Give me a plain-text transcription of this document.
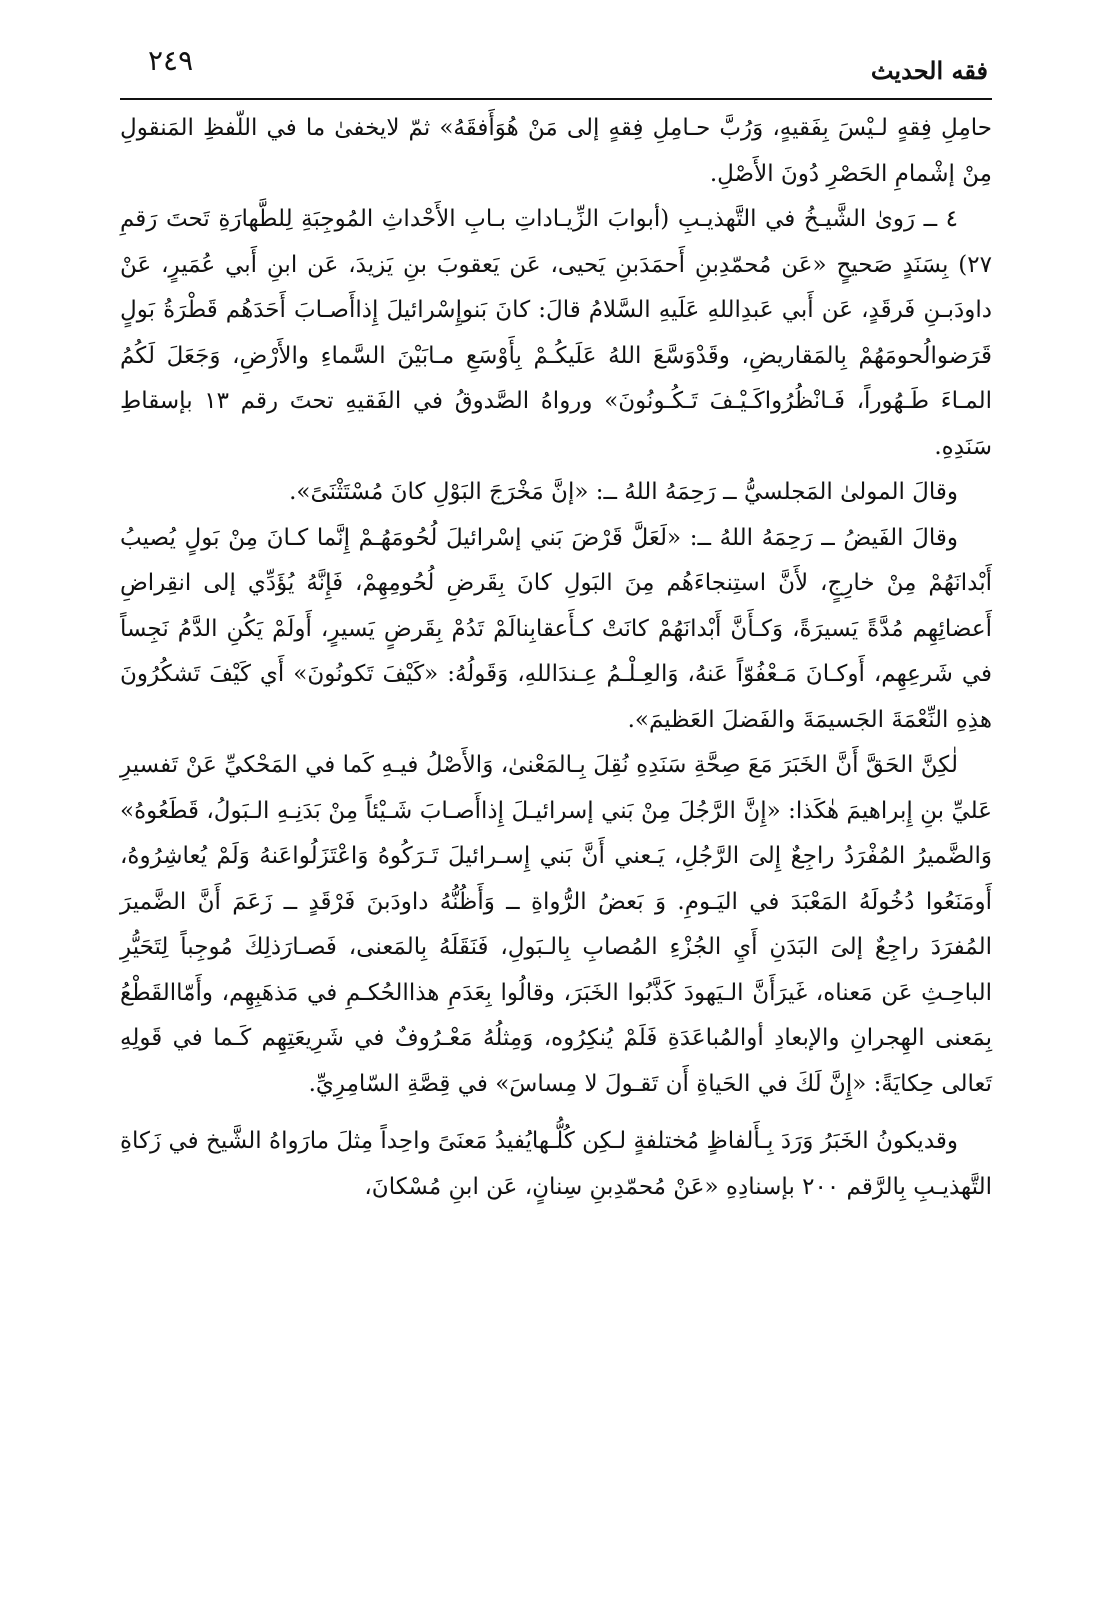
٢٤٩	فقه الحديث

حامِلِ فِقهٍ لـيْسَ بِفَقيهٍ، وَرُبَّ حـامِلِ فِقهٍ إلى مَنْ هُوَأَفقَهُ» ثمّ لايخفىٰ ما في اللّفظِ المَنقولِ مِنْ إشْمامِ الحَصْرِ دُونَ الأَصْلِ.

٤ ــ رَوىٰ الشَّيـخُ في التَّهذيـبِ (أبوابَ الزِّيـاداتِ بـابِ الأَحْداثِ المُوجِبَةِ لِلطَّهارَةِ تَحتَ رَقمِ ٢٧) بِسَنَدٍ صَحيحٍ «عَن مُحمّدِبنِ أَحمَدَبنِ يَحيى، عَن يَعقوبَ بنِ يَزيدَ، عَن ابنِ أَبي عُمَيرٍ، عَنْ داودَبـنِ فَرقَدٍ، عَن أَبي عَبدِاللهِ عَلَيهِ السَّلامُ قالَ: كانَ بَنوإِسْرائيلَ إِذاأَصـابَ أَحَدَهُم قَطْرَةُ بَولٍ قَرَضوالُحومَهُمْ بِالمَقاريضِ، وقَدْوَسَّعَ اللهُ عَلَيكُـمْ بِأَوْسَعِ مـابَيْنَ السَّماءِ والأَرْضِ، وَجَعَلَ لَكُمُ المـاءَ طَـهُوراً، فَـانْظُرُواكَـيْـفَ تَـكُـونُونَ» ورواهُ الصَّدوقُ في الفَقيهِ تحتَ رقم ١٣ بإسقاطِ سَنَدِهِ.

وقالَ المولىٰ المَجلسيُّ ــ رَحِمَهُ اللهُ ــ: «إنَّ مَخْرَجَ البَوْلِ كانَ مُسْتَثْنَىً».

وقالَ الفَيضُ ــ رَحِمَهُ اللهُ ــ: «لَعَلَّ قَرْضَ بَني إسْرائيلَ لُحُومَهُـمْ إِنَّما كـانَ مِنْ بَولٍ يُصيبُ أَبْدانَهُمْ مِنْ خارِجٍ، لأَنَّ استِنجاءَهُم مِنَ البَولِ كانَ بِقَرضِ لُحُومِهِمْ، فَإِنَّهُ يُؤَدِّي إلى انقِراضِ أَعضائِهِم مُدَّةً يَسيرَةً، وَكـأَنَّ أَبْدانَهُمْ كانَتْ كـأَعقابِنالَمْ تَدُمْ بِقَرضٍ يَسيرٍ، أَولَمْ يَكُنِ الدَّمُ نَجِساً في شَرعِهِم، أَوكـانَ مَـعْفُوّاً عَنهُ، وَالعِـلْـمُ عِـندَاللهِ، وَقَولُهُ: «كَيْفَ تَكونُونَ» أَي كَيْفَ تَشكُرُونَ هذِهِ النِّعْمَةَ الجَسيمَةَ والفَضلَ العَظيمَ».

لٰكِنَّ الحَقَّ أَنَّ الخَبَرَ مَعَ صِحَّةِ سَنَدِهِ نُقِلَ بِـالمَعْنىٰ، وَالأَصْلُ فيـهِ كَما في المَحْكيِّ عَنْ تَفسيرِ عَليِّ بنِ إِبراهيمَ هٰكَذا: «إِنَّ الرَّجُلَ مِنْ بَني إسرائيـلَ إِذاأَصـابَ شَـيْئاً مِنْ بَدَنِـهِ الـبَولُ، قَطَعُوهُ» وَالضَّميرُ المُفْرَدُ راجِعٌ إِلىَ الرَّجُلِ، يَـعني أَنَّ بَني إِسـرائيلَ تَـرَكُوهُ وَاعْتَزَلُواعَنهُ وَلَمْ يُعاشِرُوهُ، أَومَنَعُوا دُخُولَهُ المَعْبَدَ في اليَـومِ. وَ بَعضُ الرُّواةِ ــ وَأَظُنُّهُ داودَبنَ فَرْقَدٍ ــ زَعَمَ أَنَّ الضَّميرَ المُفرَدَ راجِعٌ إلىَ البَدَنِ أَيِ الجُزْءِ المُصابِ بِالـبَولِ، فَنَقَلَهُ بِالمَعنى، فَصـارَذلِكَ مُوجِباً لِتَحَيُّرِ الباحِـثِ عَن مَعناه، غَيرَأَنَّ الـيَهودَ كَذَّبُوا الخَبَرَ، وقالُوا بِعَدَمِ هذاالحُكـمِ في مَذهَبِهِم، وأَمّاالقَطْعُ بِمَعنى الهِجرانِ والإبعادِ أوالمُباعَدَةِ فَلَمْ يُنكِرُوه، وَمِثلُهُ مَعْـرُوفٌ في شَرِيعَتِهِم كَـما في قَولِهِ تَعالى حِكايَةً: «إِنَّ لَكَ في الحَياةِ أَن تَقـولَ لا مِساسَ» في قِصَّةِ السّامِرِيِّ.

وقديكونُ الخَبَرُ وَرَدَ بِـأَلفاظٍ مُختلفةٍ لـكِن كُلُّـهايُفيدُ مَعنَىً واحِداً مِثلَ مارَواهُ الشَّيخ في زَكاةِ التَّهذيـبِ بِالرَّقم ٢٠٠ بإسنادِهِ «عَنْ مُحمّدِبنِ سِنانٍ، عَن ابنِ مُسْكانَ،
